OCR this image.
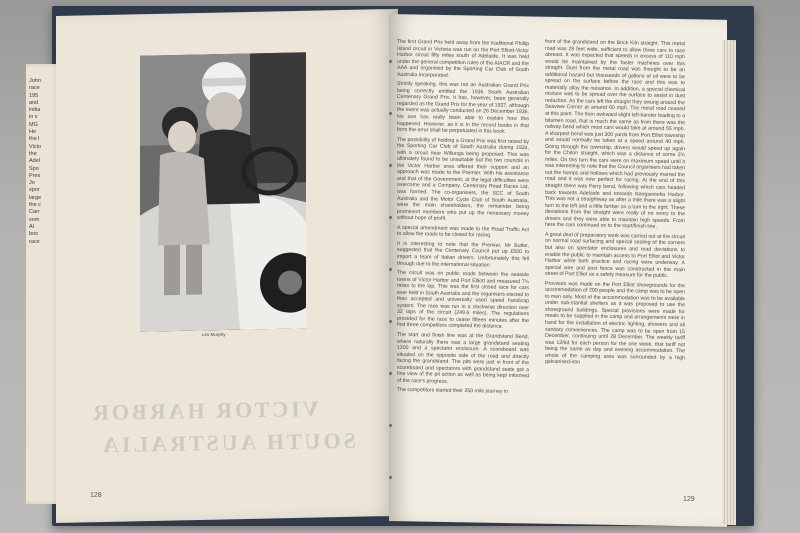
John
race
195
and
initia
in v
MG
He
the l
Victo
the
Adel
Spo
Pres
Jo
spor
large
the c
Carr
som
Al
boo
race
VICTOR HARBOR
SOUTH AUSTRALIA
Lex Murphy
128

The first Grand Prix held away from the traditional Phillip Island circuit in Victoria was run on the Port Elliott-Victor Harbor circuit fifty miles south of Adelaide. It was held under the general competition rules of the AIACR and the AAA and organised by the Sporting Car Club of South Australia Incorporated.

Strictly speaking, this was not an Australian Grand Prix being correctly entitled the 1936 South Australian Centenary Grand Prix. It has, however, been generally regarded as the Grand Prix for the year of 1937, although the event was actually conducted on 26 December 1936. No one has really been able to explain how this happened. However, as it is in the record books in that form the error shall be perpetuated in this book.

The possibility of holding a Grand Prix was first raised by the Sporting Car Club of South Australia during 1934, with a circuit near Willunga being proposed. This was ultimately found to be unsuitable but the two councils in the Victor Harbor area offered their support and an approach was made to the Premier. With his assistance and that of the Government, at the legal difficulties were overcome and a Company, Centenary Road Races Ltd, was formed. The co-organisers, the SCC of South Australia and the Motor Cycle Club of South Australia, were the main shareholders, the remainder being prominent members who put up the necessary money without hope of profit.

A special amendment was made to the Road Traffic Act to allow the roads to be closed for racing.

It is interesting to note that the Premier, Mr Butler, suggested that the Centenary Council put up £500 to import a team of Italian drivers. Unfortunately this fell through due to the international situation.

The circuit was on public roads between the seaside towns of Victor Harbor and Port Elliott and measured 7¾ miles to the lap. This was the first closed race for cars ever held in South Australia and the organisers elected to then accepted and universally used speed handicap system. The race was run in a clockwise direction over 32 laps of the circuit (249.6 miles). The regulations provided for the race to cease fifteen minutes after the first three competitors completed the distance.

The start and finish line was at the Grandstand Bend, where naturally there was a large grandstand seating 1200 and a spectator enclosure. A scoreboard was situated on the opposite side of the road and directly facing the grandstand. The pits were just in front of the scoreboard and spectators with grandstand seats got a fine view of the pit action as well as being kept informed of the race's progress.

The competitors started their 250 mile journey in

front of the grandstand on the Brick Kiln straight. This metal road was 29 feet wide, sufficient to allow three cars to race abreast. It was expected that speeds in excess of 110 mph would be maintained by the faster machines over this straight. Dust from the metal road was thought to be an additional hazard but thousands of gallons of oil were to be spread on the surface before the race and this was to materially allay the nuisance. In addition, a special chemical mixture was to be spread over the surface to assist in dust reduction. As the cars left the straight they swung around the Seaview Corner at around 60 mph. The metal road ceased at this point. The then awkward slight left-hander leading to a bitumen road, that is much the same as from there was the railway bend which most cars would take at around 55 mph. A sharpest bend was just 300 yards from Port Elliot township and would normally be taken at a speed around 40 mph. Going through the township, drivers would speed up again for the Chiton straight, which was a distance of some 2¾ miles. On this turn the cars were on maximum speed until it was interesting to note that the Council organisers had taken out the humps and hollows which had previously marred the road and it was now perfect for racing. At the end of this straight there was Ferry bend, following which cars headed back towards Adelaide and towards Nangawooka Harbor. This was not a straightway as after a mile there was a slight turn to the left and a little further on a turn to the right. These deviations from the straight were really of no worry to the drivers and they were able to maintain high speeds. From here the cars continued on to the start/finish line.

A great deal of preparatory work was carried out at the circuit on normal road surfacing and special sealing of the corners but also on spectator enclosures and road deviations to enable the public to maintain access to Port Elliot and Victor Harbor while both practice and racing were underway. A special wire and post fence was constructed in the main street of Port Elliot as a safety measure for the public.

Provision was made on the Port Elliot showgrounds for the accommodation of 200 people and the camp was to be open to men only. Most of the accommodation was to be available under sub-stantial shelters as it was proposed to use the showground buildings. Special provisions were made for meals to be supplied in the camp and arrangements were in hand for the installation of electric lighting, showers and all sanitary conveniences. The camp was to be open from 15 December, continuing until 28 December. The weekly tariff was 12/6d for each person for the one week, that tariff not being the same as day and evening accommodation. The whole of the camping area was surrounded by a high galvanised-iron

129
